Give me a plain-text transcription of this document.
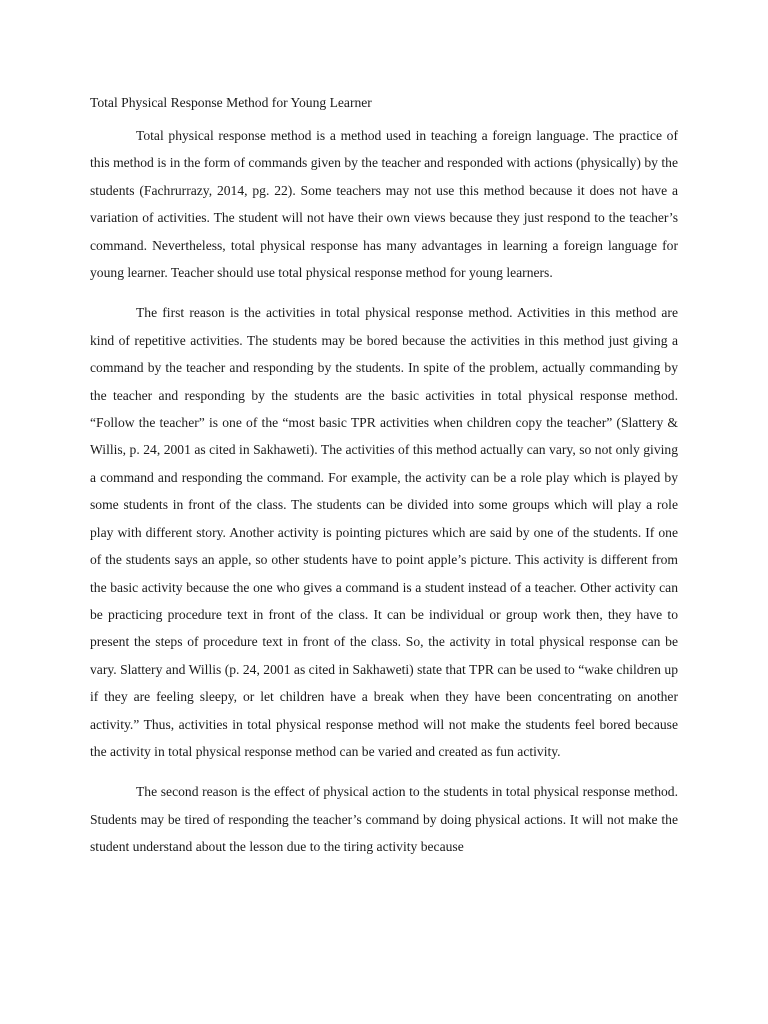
Total Physical Response Method for Young Learner

Total physical response method is a method used in teaching a foreign language. The practice of this method is in the form of commands given by the teacher and responded with actions (physically) by the students (Fachrurrazy, 2014, pg. 22). Some teachers may not use this method because it does not have a variation of activities. The student will not have their own views because they just respond to the teacher’s command. Nevertheless, total physical response has many advantages in learning a foreign language for young learner. Teacher should use total physical response method for young learners.

The first reason is the activities in total physical response method. Activities in this method are kind of repetitive activities. The students may be bored because the activities in this method just giving a command by the teacher and responding by the students. In spite of the problem, actually commanding by the teacher and responding by the students are the basic activities in total physical response method. “Follow the teacher” is one of the “most basic TPR activities when children copy the teacher” (Slattery & Willis, p. 24, 2001 as cited in Sakhaweti). The activities of this method actually can vary, so not only giving a command and responding the command. For example, the activity can be a role play which is played by some students in front of the class. The students can be divided into some groups which will play a role play with different story. Another activity is pointing pictures which are said by one of the students. If one of the students says an apple, so other students have to point apple’s picture. This activity is different from the basic activity because the one who gives a command is a student instead of a teacher. Other activity can be practicing procedure text in front of the class. It can be individual or group work then, they have to present the steps of procedure text in front of the class. So, the activity in total physical response can be vary. Slattery and Willis (p. 24, 2001 as cited in Sakhaweti) state that TPR can be used to “wake children up if they are feeling sleepy, or let children have a break when they have been concentrating on another activity.” Thus, activities in total physical response method will not make the students feel bored because the activity in total physical response method can be varied and created as fun activity.

The second reason is the effect of physical action to the students in total physical response method. Students may be tired of responding the teacher’s command by doing physical actions. It will not make the student understand about the lesson due to the tiring activity because
